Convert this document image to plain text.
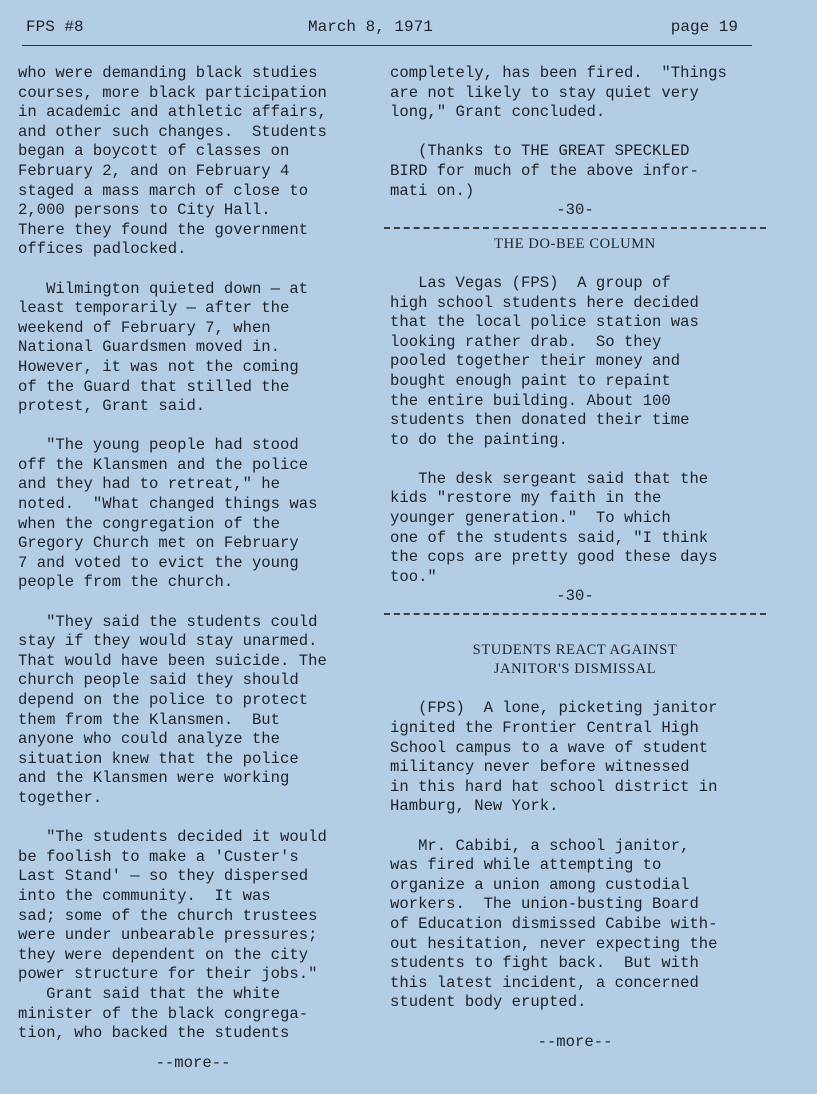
FPS #8	March 8, 1971	page 19

who were demanding black studies
courses, more black participation
in academic and athletic affairs,
and other such changes.  Students
began a boycott of classes on
February 2, and on February 4
staged a mass march of close to
2,000 persons to City Hall.
There they found the government
offices padlocked.

Wilmington quieted down — at
least temporarily — after the
weekend of February 7, when
National Guardsmen moved in.
However, it was not the coming
of the Guard that stilled the
protest, Grant said.

"The young people had stood
off the Klansmen and the police
and they had to retreat," he
noted.  "What changed things was
when the congregation of the
Gregory Church met on February
7 and voted to evict the young
people from the church.

"They said the students could
stay if they would stay unarmed.
That would have been suicide. The
church people said they should
depend on the police to protect
them from the Klansmen.  But
anyone who could analyze the
situation knew that the police
and the Klansmen were working
together.

"The students decided it would
be foolish to make a 'Custer's
Last Stand' — so they dispersed
into the community.  It was
sad; some of the church trustees
were under unbearable pressures;
they were dependent on the city
power structure for their jobs."

Grant said that the white
minister of the black congrega-
tion, who backed the students

--more--

completely, has been fired.  "Things
are not likely to stay quiet very
long," Grant concluded.

(Thanks to THE GREAT SPECKLED
BIRD for much of the above infor-
mati on.)

-30-

THE DO-BEE COLUMN

Las Vegas (FPS)  A group of
high school students here decided
that the local police station was
looking rather drab.  So they
pooled together their money and
bought enough paint to repaint
the entire building. About 100
students then donated their time
to do the painting.

The desk sergeant said that the
kids "restore my faith in the
younger generation."  To which
one of the students said, "I think
the cops are pretty good these days
too."

-30-

STUDENTS REACT AGAINST

JANITOR'S DISMISSAL

(FPS)  A lone, picketing janitor
ignited the Frontier Central High
School campus to a wave of student
militancy never before witnessed
in this hard hat school district in
Hamburg, New York.

Mr. Cabibi, a school janitor,
was fired while attempting to
organize a union among custodial
workers.  The union-busting Board
of Education dismissed Cabibe with-
out hesitation, never expecting the
students to fight back.  But with
this latest incident, a concerned
student body erupted.

--more--
